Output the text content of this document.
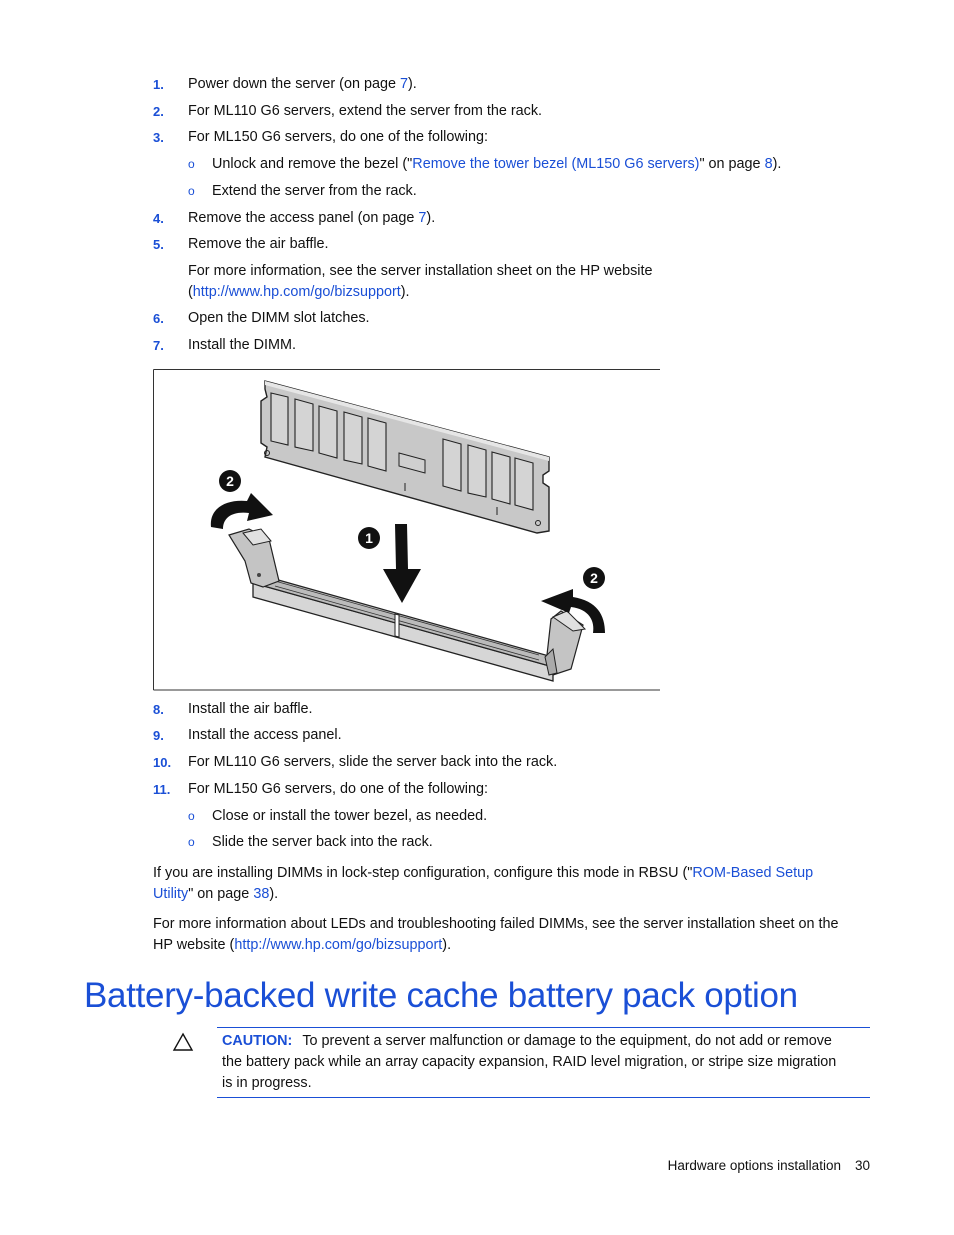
1. Power down the server (on page 7).
2. For ML110 G6 servers, extend the server from the rack.
3. For ML150 G6 servers, do one of the following:
o Unlock and remove the bezel ("Remove the tower bezel (ML150 G6 servers)" on page 8).
o Extend the server from the rack.
4. Remove the access panel (on page 7).
5. Remove the air baffle.
For more information, see the server installation sheet on the HP website
(http://www.hp.com/go/bizsupport).
6. Open the DIMM slot latches.
7. Install the DIMM.
2
1
2
8. Install the air baffle.
9. Install the access panel.
10. For ML110 G6 servers, slide the server back into the rack.
11. For ML150 G6 servers, do one of the following:
o Close or install the tower bezel, as needed.
o Slide the server back into the rack.
If you are installing DIMMs in lock-step configuration, configure this mode in RBSU ("ROM-Based Setup
Utility" on page 38).
For more information about LEDs and troubleshooting failed DIMMs, see the server installation sheet on the
HP website (http://www.hp.com/go/bizsupport).
Battery-backed write cache battery pack option
CAUTION: To prevent a server malfunction or damage to the equipment, do not add or remove
the battery pack while an array capacity expansion, RAID level migration, or stripe size migration
is in progress.
Hardware options installation 30
